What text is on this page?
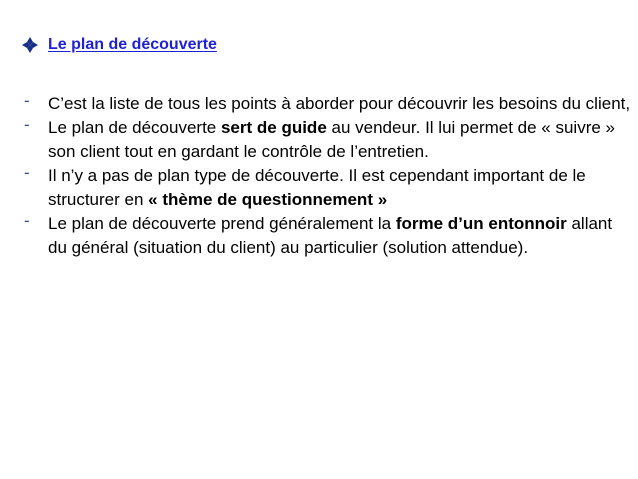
Le plan de découverte
- C’est la liste de tous les points à aborder pour découvrir les besoins du client,
- Le plan de découverte sert de guide au vendeur. Il lui permet de « suivre » son client tout en gardant le contrôle de l’entretien.
- Il n’y a pas de plan type de découverte. Il est cependant important de le structurer en « thème de questionnement »
- Le plan de découverte prend généralement la forme d’un entonnoir allant du général (situation du client) au particulier (solution attendue).
